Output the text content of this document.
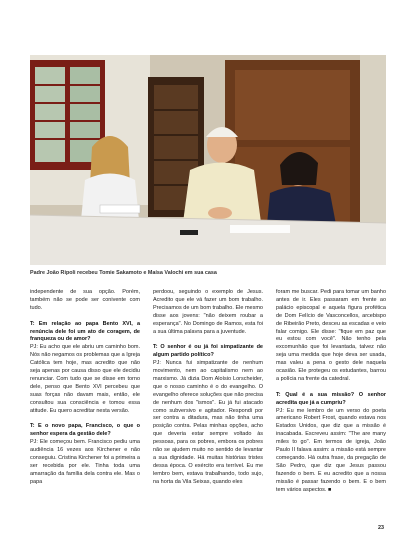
Padre João Ripoli recebeu Tomie Sakamoto e Maísa Valochi em sua casa

independente de sua opção. Porém, também não se pode ser conivente com tudo.

T: Em relação ao papa Bento XVI, a renúncia dele foi um ato de coragem, de franqueza ou de amor?

PJ: Eu acho que ele abriu um caminho bom. Nós não negamos os problemas que a Igreja Católica tem hoje, mas acredito que não seja apenas por causa disso que ele decidiu renunciar. Com tudo que se disse em torno dele, penso que Bento XVI percebeu que suas forças não davam mais, então, ele consultou sua consciência e tomou essa atitude. Eu quero acreditar nesta versão.

T: E o novo papa, Francisco, o que o senhor espera da gestão dele?

PJ: Ele começou bem. Francisco pediu uma audiência 16 vezes aos Kirchener e não conseguiu. Cristina Kirchener foi a primeira a ser recebida por ele. Tinha toda uma amarração da família dela contra ele. Mas o papa

perdoou, seguindo o exemplo de Jesus. Acredito que ele vá fazer um bom trabalho. Precisamos de um bom trabalho. Ele mesmo disse aos jovens: "não deixem roubar a esperança". No Domingo de Ramos, esta foi a sua última palavra para a juventude.

T: O senhor é ou já foi simpatizante de algum partido político?

PJ: Nunca fui simpatizante de nenhum movimento, nem ao capitalismo nem ao marxismo. Já dizia Dom Aloísio Lorscheider, que o nosso caminho é o do evangelho. O evangelho oferece soluções que não precisa de nenhum dos "ismos". Eu já fui atacado como subversivo e agitador. Respondi por ser contra a ditadura, mas não tinha uma posição contra. Pelas minhas opções, acho que deveria estar sempre voltado às pessoas, para os pobres, embora os pobres não se ajudem muito no sentido de levantar a sua dignidade. Há muitas histórias tristes dessa época. O exército era terrível. Eu me lembro bem, estava trabalhando, todo sujo, na horta da Vila Seixas, quando eles

foram me buscar. Pedi para tomar um banho antes de ir. Eles passaram em frente ao palácio episcopal e aquela figura profética de Dom Felício de Vasconcellos, arcebispo de Ribeirão Preto, desceu as escadas e veio falar comigo. Ele disse: "fique em paz que eu estou com você". Não tenho pela excomunhão que foi levantada, talvez não seja uma medida que hoje deva ser usada, mas valeu a pena o gesto dele naquela ocasião. Ele protegeu os estudantes, barrou a polícia na frente da catedral.

T: Qual é a sua missão? O senhor acredita que já a cumpriu?

PJ: Eu me lembro de um verso do poeta americano Robert Frost, quando estava nos Estados Unidos, que diz que a missão é inacabada. Escreveu assim: "The are many miles to go". Em termos de igreja, João Paulo II falava assim: a missão está sempre começando. Há outra frase, da pregação de São Pedro, que diz que Jesus passou fazendo o bem. E eu acredito que a nossa missão é passar fazendo o bem. E o bem tem vários aspectos. ■

23
